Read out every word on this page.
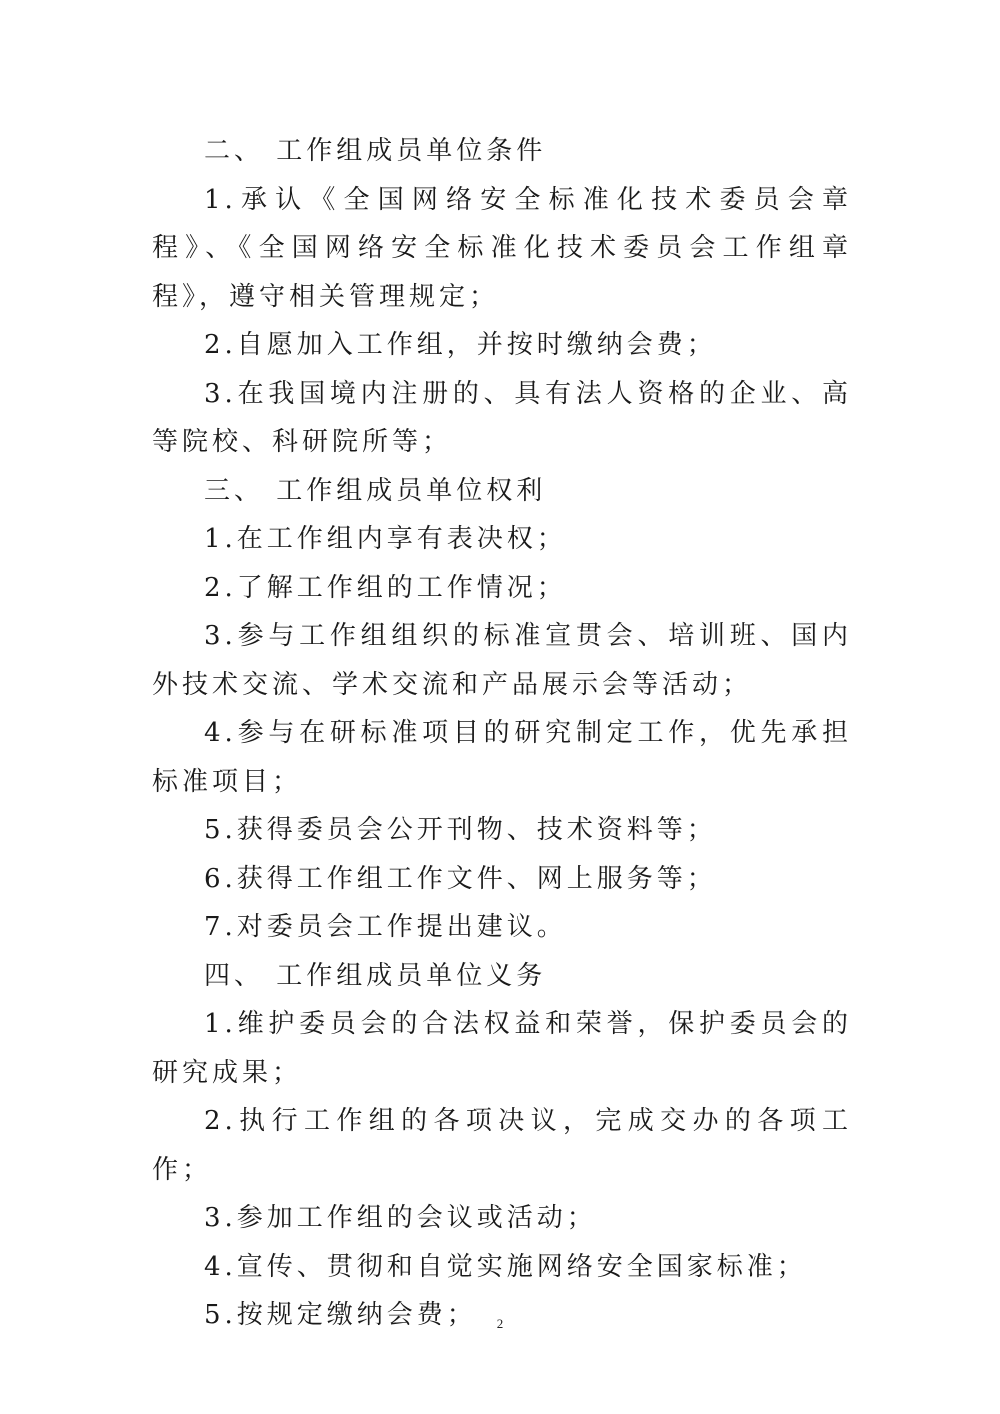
二、 工作组成员单位条件

1.承认《全国网络安全标准化技术委员会章程》、《全国网络安全标准化技术委员会工作组章程》，遵守相关管理规定；

2.自愿加入工作组，并按时缴纳会费；

3.在我国境内注册的、具有法人资格的企业、高等院校、科研院所等；

三、 工作组成员单位权利

1.在工作组内享有表决权；

2.了解工作组的工作情况；

3.参与工作组组织的标准宣贯会、培训班、国内外技术交流、学术交流和产品展示会等活动；

4.参与在研标准项目的研究制定工作，优先承担标准项目；

5.获得委员会公开刊物、技术资料等；

6.获得工作组工作文件、网上服务等；

7.对委员会工作提出建议。

四、 工作组成员单位义务

1.维护委员会的合法权益和荣誉，保护委员会的研究成果；

2.执行工作组的各项决议，完成交办的各项工作；

3.参加工作组的会议或活动；

4.宣传、贯彻和自觉实施网络安全国家标准；

5.按规定缴纳会费；	2
